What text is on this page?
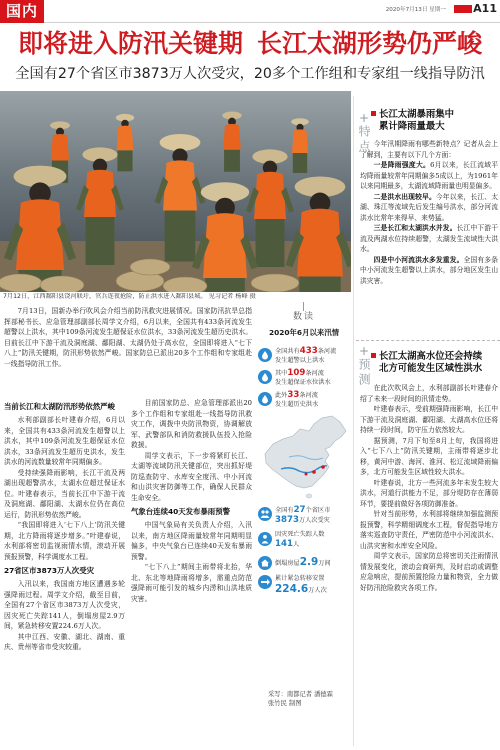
国内	2020年7月13日 星期一 A11
即将进入防汛关键期 长江太湖形势仍严峻
全国有27个省区市3873万人次受灾，20多个工作组和专家组一线指导防汛
7月12日，江西鄱阳县饶河联圩，官兵连夜抢险，防止洪水进入鄱阳县城。 见习记者 杨峰 摄

7月13日，国新办举行吹风会介绍当前防汛救灾进展情况。国家防汛抗旱总指挥部秘书长、应急管理部副部长周学文介绍，6月以来，全国共有433条河流发生超警以上洪水，其中109条河流发生超保证水位洪水，33条河流发生超历史洪水。目前长江中下游干流及洞庭湖、鄱阳湖、太湖仍处于高水位，全国即将进入“七下八上”防汛关键期，防汛形势依然严峻。国家防总已派出20多个工作组和专家组赴一线指导防汛工作。

当前长江和太湖防汛形势依然严峻

水利部副部长叶建春介绍，6月以来，全国共有433条河流发生超警以上洪水，其中109条河流发生超保证水位洪水，33条河流发生超历史洪水，发生洪水的河流数量较常年同期偏多。

受持续强降雨影响，长江干流及两湖出现超警洪水，太湖水位超过保证水位。叶建春表示，当前长江中下游干流及洞庭湖、鄱阳湖、太湖水位仍在高位运行，防汛形势依然严峻。

“我国即将进入‘七下八上’防汛关键期，北方降雨将逐步增多。”叶建春说，水利部将密切监视雨情水情，滚动开展预报预警，科学调度水工程。

27省区市3873万人次受灾

入汛以来，我国南方地区遭遇多轮强降雨过程。周学文介绍，截至目前，全国有27个省区市3873万人次受灾，因灾死亡失踪141人，倒塌房屋2.9万间，紧急转移安置224.6万人次。

其中江西、安徽、湖北、湖南、重庆、贵州等省市受灾较重。

目前国家防总、应急管理部派出20多个工作组和专家组赴一线指导防汛救灾工作，调拨中央防汛物资，协调解放军、武警部队和消防救援队伍投入抢险救援。

周学文表示，下一步将紧盯长江、太湖等流域防汛关键部位，突出抓好堤防巡查防守、水库安全度汛、中小河流和山洪灾害防御等工作，确保人民群众生命安全。

气象台连续40天发布暴雨预警

中国气象局有关负责人介绍，入汛以来，南方地区降雨量较常年同期明显偏多，中央气象台已连续40天发布暴雨预警。

“七下八上”期间主雨带将北抬，华北、东北等地降雨将增多，需重点防范强降雨可能引发的城乡内涝和山洪地质灾害。

数读
2020年6月以来汛情
全国共有433条河流
发生超警以上洪水
其中109条河流
发生超保证水位洪水
此外33条河流
发生超历史洪水
全国有27个省区市
3873万人次受灾
因灾死亡失踪人数
141人
倒塌房屋2.9万间
累计紧急转移安置
224.6万人次
采写：南都记者 潘德霖
张竹民 制图
+
特点
长江太湖暴雨集中
累计降雨量最大

今年汛期降雨有哪些新特点？记者从会上了解到，主要有以下几个方面：

一是降雨强度大。6月以来，长江流域平均降雨量较常年同期偏多5成以上，为1961年以来同期最多，太湖流域降雨量也明显偏多。

二是洪水出现较早。今年以来，长江、太湖、珠江等流域先后发生编号洪水，部分河流洪水比常年来得早、来势猛。

三是长江和太湖洪水并发。长江中下游干流及两湖水位持续超警，太湖发生流域性大洪水。

四是中小河流洪水多发重发。全国有多条中小河流发生超警以上洪水，部分地区发生山洪灾害。

+
预测
长江太湖高水位还会持续
北方可能发生区域性洪水

在此次吹风会上，水利部副部长叶建春介绍了未来一段时间的汛情走势。

叶建春表示，受前期强降雨影响，长江中下游干流及洞庭湖、鄱阳湖、太湖高水位还将持续一段时间，防守压力依然较大。

据预测，7月下旬至8月上旬，我国将进入“七下八上”防汛关键期，主雨带将逐步北移，黄河中游、海河、淮河、松辽流域降雨偏多，北方可能发生区域性较大洪水。

叶建春说，北方一些河流多年未发生较大洪水，河道行洪能力不足，部分堤防存在薄弱环节，要提前做好各项防御准备。

针对当前形势，水利部将继续加强监测预报预警，科学精细调度水工程，督促指导地方落实巡查防守责任，严密防范中小河流洪水、山洪灾害和水库安全风险。

周学文表示，国家防总将密切关注雨情汛情发展变化，滚动会商研判，及时启动或调整应急响应，提前预置抢险力量和物资，全力做好防汛抢险救灾各项工作。
